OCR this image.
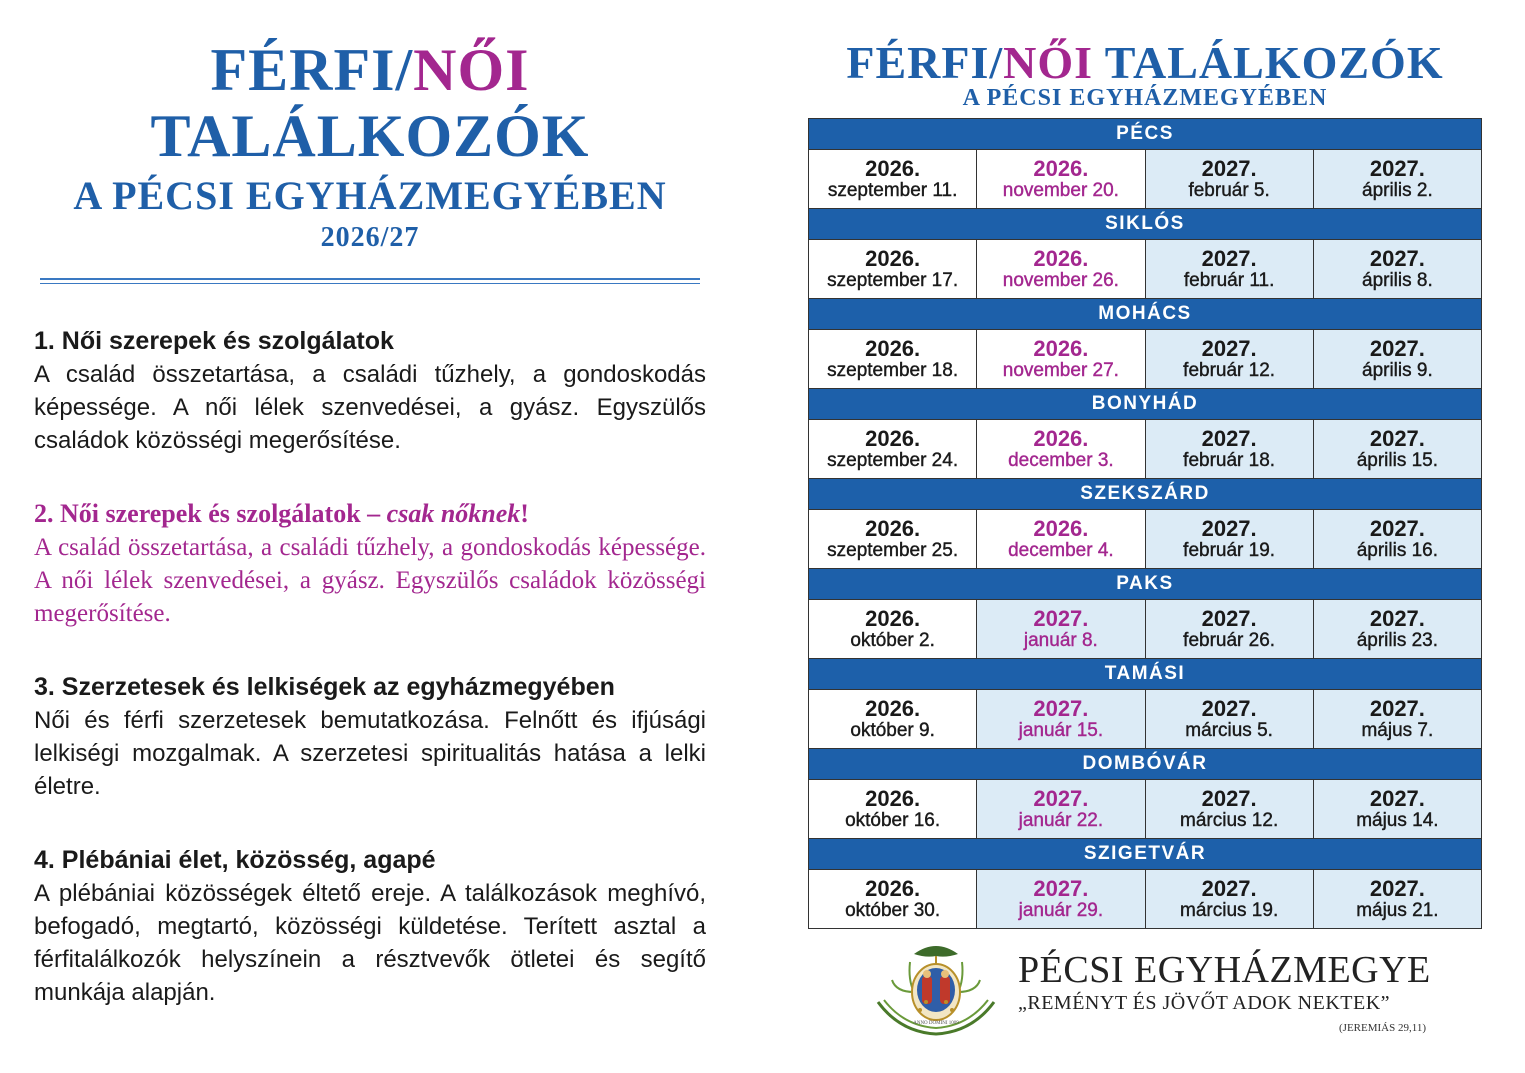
FÉRFI/NŐI
TALÁLKOZÓK
A PÉCSI EGYHÁZMEGYÉBEN
2026/27
1. Női szerepek és szolgálatok
A család összetartása, a családi tűzhely, a gondoskodás képessége. A női lélek szenvedései, a gyász. Egyszülős családok közösségi megerősítése.
2. Női szerepek és szolgálatok – csak nőknek!
A család összetartása, a családi tűzhely, a gondoskodás képessége. A női lélek szenvedései, a gyász. Egyszülős családok közösségi megerősítése.
3. Szerzetesek és lelkiségek az egyházmegyében
Női és férfi szerzetesek bemutatkozása. Felnőtt és ifjúsági lelkiségi mozgalmak. A szerzetesi spiritualitás hatása a lelki életre.
4. Plébániai élet, közösség, agapé
A plébániai közösségek éltető ereje. A találkozások meghívó, befogadó, megtartó, közösségi küldetése. Terített asztal a férfitalálkozók helyszínein a résztvevők ötletei és segítő munkája alapján.
FÉRFI/NŐI TALÁLKOZÓK
A PÉCSI EGYHÁZMEGYÉBEN
PÉCS
2026.
szeptember 11.
2026.
november 20.
2027.
február 5.
2027.
április 2.
SIKLÓS
2026.
szeptember 17.
2026.
november 26.
2027.
február 11.
2027.
április 8.
MOHÁCS
2026.
szeptember 18.
2026.
november 27.
2027.
február 12.
2027.
április 9.
BONYHÁD
2026.
szeptember 24.
2026.
december 3.
2027.
február 18.
2027.
április 15.
SZEKSZÁRD
2026.
szeptember 25.
2026.
december 4.
2027.
február 19.
2027.
április 16.
PAKS
2026.
október 2.
2027.
január 8.
2027.
február 26.
2027.
április 23.
TAMÁSI
2026.
október 9.
2027.
január 15.
2027.
március 5.
2027.
május 7.
DOMBÓVÁR
2026.
október 16.
2027.
január 22.
2027.
március 12.
2027.
május 14.
SZIGETVÁR
2026.
október 30.
2027.
január 29.
2027.
március 19.
2027.
május 21.
ANNO DOMINI 1009
PÉCSI EGYHÁZMEGYE
„REMÉNYT ÉS JÖVŐT ADOK NEKTEK”
(JEREMIÁS 29,11)
